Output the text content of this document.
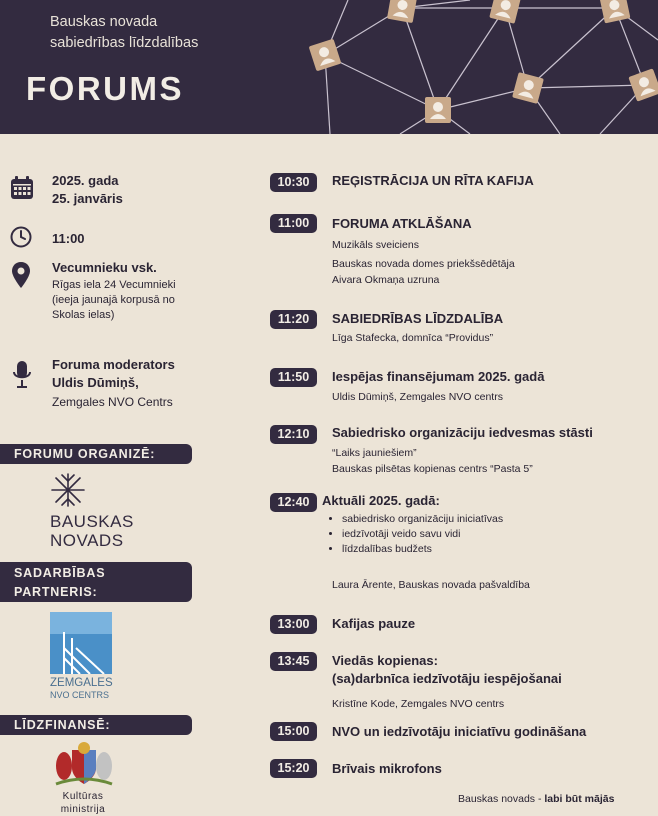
Bauskas novada
sabiedrības līdzdalības
FORUMS
2025. gada
25. janvāris
11:00
Vecumnieku vsk.
Rīgas iela 24 Vecumnieki
(ieeja jaunajā korpusā no
Skolas ielas)
Foruma moderators
Uldis Dūmiņš,
Zemgales NVO Centrs
FORUMU ORGANIZĒ:
BAUSKAS
NOVADS
SADARBĪBAS
PARTNERIS:
ZEMGALES
NVO CENTRS
LĪDZFINANSĒ:
Kultūras
ministrija
10:30	REĢISTRĀCIJA UN RĪTA KAFIJA
11:00	FORUMA ATKLĀŠANA
Muzikāls sveiciens
Bauskas novada domes priekšsēdētāja
Aivara Okmaņa uzruna
11:20	SABIEDRĪBAS LĪDZDALĪBA
Līga Stafecka, domnīca “Providus”
11:50	Iespējas finansējumam 2025. gadā
Uldis Dūmiņš, Zemgales NVO centrs
12:10	Sabiedrisko organizāciju iedvesmas stāsti
“Laiks jauniešiem”
Bauskas pilsētas kopienas centrs “Pasta 5”
12:40 Aktuāli 2025. gadā:
• sabiedrisko organizāciju iniciatīvas
• iedzīvotāji veido savu vidi
• līdzdalības budžets
Laura Ārente, Bauskas novada pašvaldība
13:00	Kafijas pauze
13:45	Viedās kopienas:
(sa)darbnīca iedzīvotāju iespējošanai
Kristīne Kode, Zemgales NVO centrs
15:00	NVO un iedzīvotāju iniciatīvu godināšana
15:20	Brīvais mikrofons
Bauskas novads - labi būt mājās
